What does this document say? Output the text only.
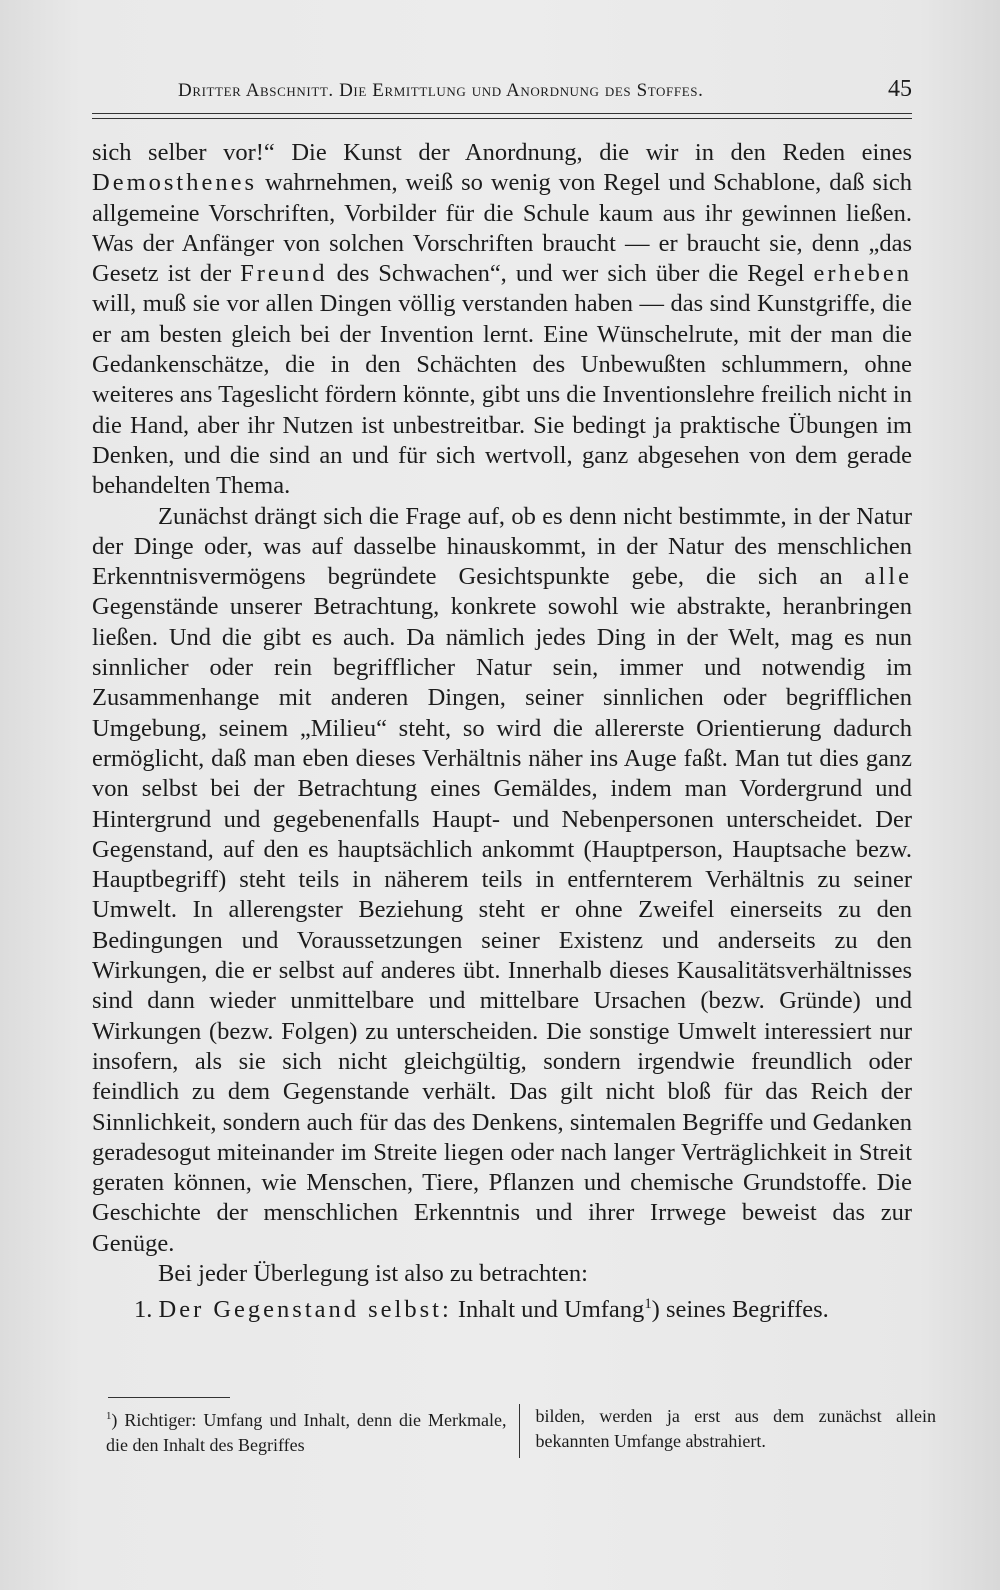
Dritter Abschnitt. Die Ermittlung und Anordnung des Stoffes.	45

sich selber vor!“ Die Kunst der Anordnung, die wir in den Reden eines Demosthenes wahrnehmen, weiß so wenig von Regel und Schablone, daß sich allgemeine Vorschriften, Vorbilder für die Schule kaum aus ihr gewinnen ließen. Was der Anfänger von solchen Vorschriften braucht — er braucht sie, denn „das Gesetz ist der Freund des Schwachen“, und wer sich über die Regel erheben will, muß sie vor allen Dingen völlig verstanden haben — das sind Kunstgriffe, die er am besten gleich bei der Invention lernt. Eine Wünschelrute, mit der man die Gedankenschätze, die in den Schächten des Unbewußten schlummern, ohne weiteres ans Tageslicht fördern könnte, gibt uns die Inventionslehre freilich nicht in die Hand, aber ihr Nutzen ist unbestreitbar. Sie bedingt ja praktische Übungen im Denken, und die sind an und für sich wertvoll, ganz abgesehen von dem gerade behandelten Thema.

Zunächst drängt sich die Frage auf, ob es denn nicht bestimmte, in der Natur der Dinge oder, was auf dasselbe hinauskommt, in der Natur des menschlichen Erkenntnisvermögens begründete Gesichtspunkte gebe, die sich an alle Gegenstände unserer Betrachtung, konkrete sowohl wie abstrakte, heranbringen ließen. Und die gibt es auch. Da nämlich jedes Ding in der Welt, mag es nun sinnlicher oder rein begrifflicher Natur sein, immer und notwendig im Zusammenhange mit anderen Dingen, seiner sinnlichen oder begrifflichen Umgebung, seinem „Milieu“ steht, so wird die allererste Orientierung dadurch ermöglicht, daß man eben dieses Verhältnis näher ins Auge faßt. Man tut dies ganz von selbst bei der Betrachtung eines Gemäldes, indem man Vordergrund und Hintergrund und gegebenenfalls Haupt- und Nebenpersonen unterscheidet. Der Gegenstand, auf den es hauptsächlich ankommt (Hauptperson, Hauptsache bezw. Hauptbegriff) steht teils in näherem teils in entfernterem Verhältnis zu seiner Umwelt. In allerengster Beziehung steht er ohne Zweifel einerseits zu den Bedingungen und Voraussetzungen seiner Existenz und anderseits zu den Wirkungen, die er selbst auf anderes übt. Innerhalb dieses Kausalitätsverhältnisses sind dann wieder unmittelbare und mittelbare Ursachen (bezw. Gründe) und Wirkungen (bezw. Folgen) zu unterscheiden. Die sonstige Umwelt interessiert nur insofern, als sie sich nicht gleichgültig, sondern irgendwie freundlich oder feindlich zu dem Gegenstande verhält. Das gilt nicht bloß für das Reich der Sinnlichkeit, sondern auch für das des Denkens, sintemalen Begriffe und Gedanken geradesogut miteinander im Streite liegen oder nach langer Verträglichkeit in Streit geraten können, wie Menschen, Tiere, Pflanzen und chemische Grundstoffe. Die Geschichte der menschlichen Erkenntnis und ihrer Irrwege beweist das zur Genüge.

Bei jeder Überlegung ist also zu betrachten:

1. Der Gegenstand selbst: Inhalt und Umfang$^1$) seines Begriffes.

$^1$) Richtiger: Umfang und Inhalt, denn die Merkmale, die den Inhalt des Begriffes
bilden, werden ja erst aus dem zunächst allein bekannten Umfange abstrahiert.
